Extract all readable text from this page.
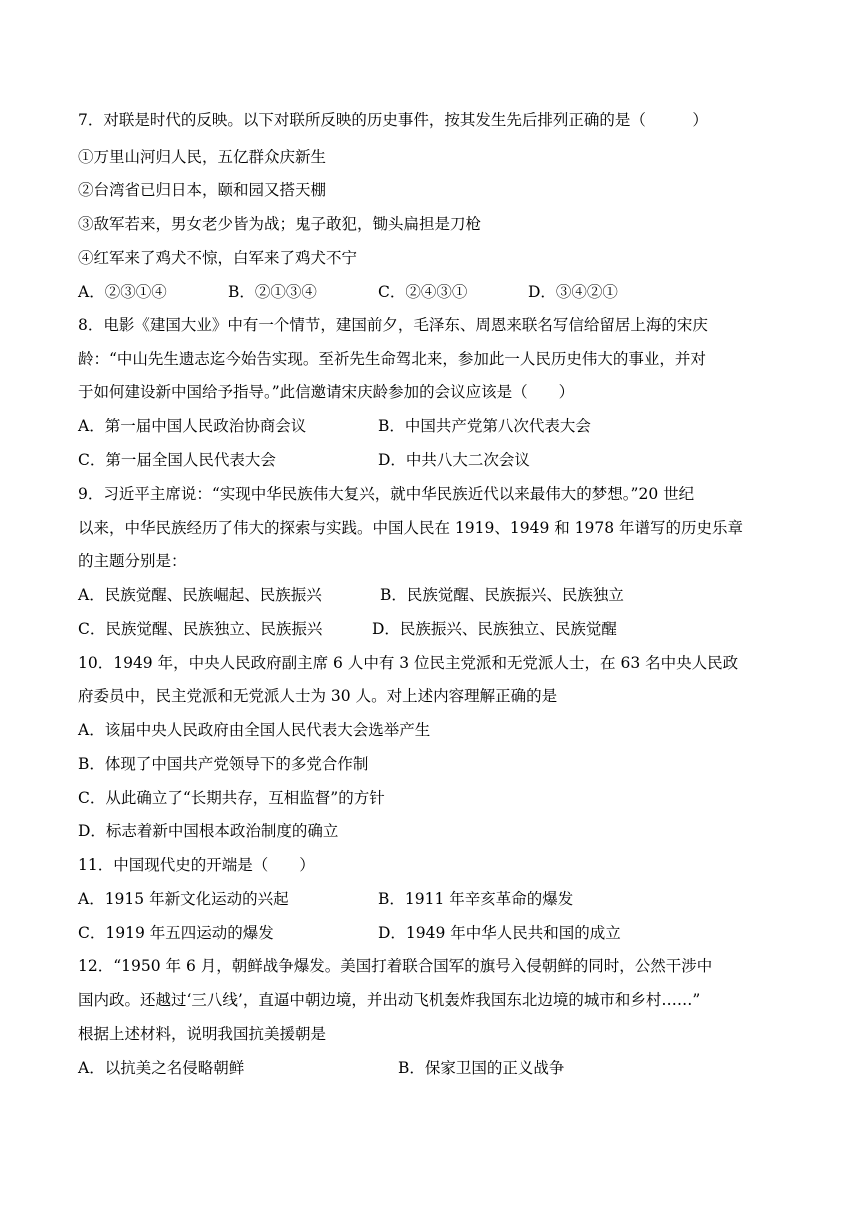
7．对联是时代的反映。以下对联所反映的历史事件，按其发生先后排列正确的是（　　　）
①万里山河归人民，五亿群众庆新生
②台湾省已归日本，颐和园又搭天棚
③敌军若来，男女老少皆为战；鬼子敢犯，锄头扁担是刀枪
④红军来了鸡犬不惊，白军来了鸡犬不宁
A．②③①④	B．②①③④	C．②④③①	D．③④②①
8．电影《建国大业》中有一个情节，建国前夕，毛泽东、周恩来联名写信给留居上海的宋庆
龄：“中山先生遗志迄今始告实现。至祈先生命驾北来，参加此一人民历史伟大的事业，并对
于如何建设新中国给予指导。”此信邀请宋庆龄参加的会议应该是（　　）
A．第一届中国人民政治协商会议	B．中国共产党第八次代表大会
C．第一届全国人民代表大会	D．中共八大二次会议
9．习近平主席说：“实现中华民族伟大复兴，就中华民族近代以来最伟大的梦想。”20 世纪
以来，中华民族经历了伟大的探索与实践。中国人民在 1919、1949 和 1978 年谱写的历史乐章
的主题分别是：
A．民族觉醒、民族崛起、民族振兴	B．民族觉醒、民族振兴、民族独立
C．民族觉醒、民族独立、民族振兴	D．民族振兴、民族独立、民族觉醒
10．1949 年，中央人民政府副主席 6 人中有 3 位民主党派和无党派人士，在 63 名中央人民政
府委员中，民主党派和无党派人士为 30 人。对上述内容理解正确的是
A．该届中央人民政府由全国人民代表大会选举产生
B．体现了中国共产党领导下的多党合作制
C．从此确立了“长期共存，互相监督”的方针
D．标志着新中国根本政治制度的确立
11．中国现代史的开端是（　　）
A．1915 年新文化运动的兴起	B．1911 年辛亥革命的爆发
C．1919 年五四运动的爆发	D．1949 年中华人民共和国的成立
12．“1950 年 6 月，朝鲜战争爆发。美国打着联合国军的旗号入侵朝鲜的同时，公然干涉中
国内政。还越过‘三八线’，直逼中朝边境，并出动飞机轰炸我国东北边境的城市和乡村……”
根据上述材料，说明我国抗美援朝是
A．以抗美之名侵略朝鲜	B．保家卫国的正义战争
